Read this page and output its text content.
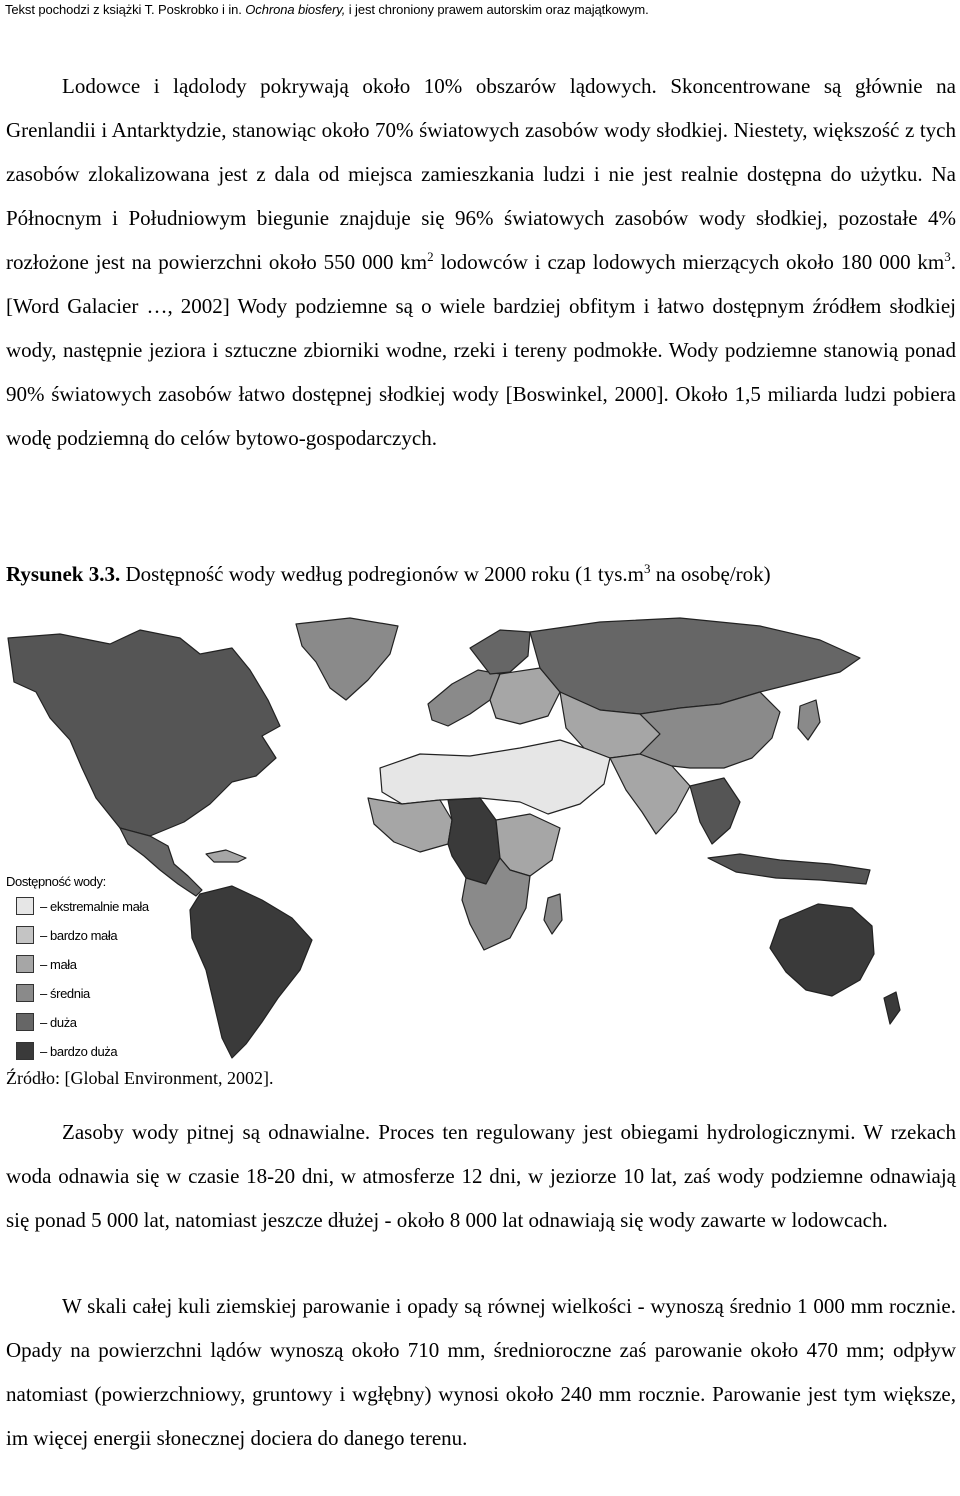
Tekst pochodzi z książki T. Poskrobko i in. Ochrona biosfery, i jest chroniony prawem autorskim oraz majątkowym.

Lodowce i lądolody pokrywają około 10% obszarów lądowych. Skoncentrowane są głównie na Grenlandii i Antarktydzie, stanowiąc około 70% światowych zasobów wody słodkiej. Niestety, większość z tych zasobów zlokalizowana jest z dala od miejsca zamieszkania ludzi i nie jest realnie dostępna do użytku. Na Północnym i Południowym biegunie znajduje się 96% światowych zasobów wody słodkiej, pozostałe 4% rozłożone jest na powierzchni około 550 000 $km^2$ lodowców i czap lodowych mierzących około 180 000 $km^3$. [Word Galacier …, 2002] Wody podziemne są o wiele bardziej obfitym i łatwo dostępnym źródłem słodkiej wody, następnie jeziora i sztuczne zbiorniki wodne, rzeki i tereny podmokłe. Wody podziemne stanowią ponad 90% światowych zasobów łatwo dostępnej słodkiej wody [Boswinkel, 2000]. Około 1,5 miliarda ludzi pobiera wodę podziemną do celów bytowo-gospodarczych.

Rysunek 3.3. Dostępność wody według podregionów w 2000 roku (1 $tys.m^3$ na osobę/rok)
Dostępność wody:
– ekstremalnie mała
– bardzo mała
– mała
– średnia
– duża
– bardzo duża
Źródło: [Global Environment, 2002].

Zasoby wody pitnej są odnawialne. Proces ten regulowany jest obiegami hydrologicznymi. W rzekach woda odnawia się w czasie 18-20 dni, w atmosferze 12 dni, w jeziorze 10 lat, zaś wody podziemne odnawiają się ponad 5 000 lat, natomiast jeszcze dłużej - około 8 000 lat odnawiają się wody zawarte w lodowcach.

W skali całej kuli ziemskiej parowanie i opady są równej wielkości - wynoszą średnio 1 000 mm rocznie. Opady na powierzchni lądów wynoszą około 710 mm, średnioroczne zaś parowanie około 470 mm; odpływ natomiast (powierzchniowy, gruntowy i wgłębny) wynosi około 240 mm rocznie. Parowanie jest tym większe, im więcej energii słonecznej dociera do danego terenu.
